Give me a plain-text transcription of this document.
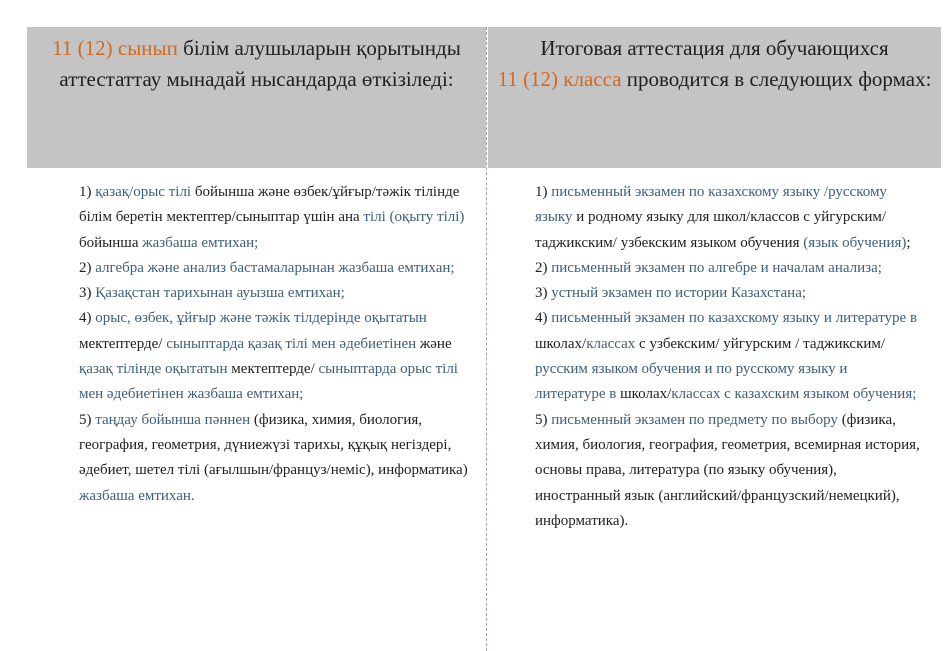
11 (12) сынып білім алушыларын қорытынды аттестаттау мынадай нысандарда өткізіледі:
Итоговая аттестация для обучающихся
11 (12) класса проводится в следующих формах:

1) қазақ/орыс тілі бойынша және өзбек/ұйғыр/тәжік тілінде білім беретін мектептер/сыныптар үшін ана тілі (оқыту тілі) бойынша жазбаша емтихан;

2) алгебра және анализ бастамаларынан жазбаша емтихан;

3) Қазақстан тарихынан ауызша емтихан;

4) орыс, өзбек, ұйғыр және тәжік тілдерінде оқытатын мектептерде/ сыныптарда қазақ тілі мен әдебиетінен және қазақ тілінде оқытатын мектептерде/ сыныптарда орыс тілі мен әдебиетінен жазбаша емтихан;

5) таңдау бойынша пәннен (физика, химия, биология, география, геометрия, дүниежүзі тарихы, құқық негіздері, әдебиет, шетел тілі (ағылшын/француз/неміс), информатика) жазбаша емтихан.

1) письменный экзамен по казахскому языку /русскому языку и родному языку для школ/классов с уйгурским/ таджикским/ узбекским языком обучения (язык обучения);

2) письменный экзамен по алгебре и началам анализа;

3) устный экзамен по истории Казахстана;

4) письменный экзамен по казахскому языку и литературе в школах/классах с узбекским/ уйгурским / таджикским/ русским языком обучения и по русскому языку и литературе в школах/классах с казахским языком обучения;

5) письменный экзамен по предмету по выбору (физика, химия, биология, география, геометрия, всемирная история, основы права, литература (по языку обучения), иностранный язык (английский/французский/немецкий), информатика).
